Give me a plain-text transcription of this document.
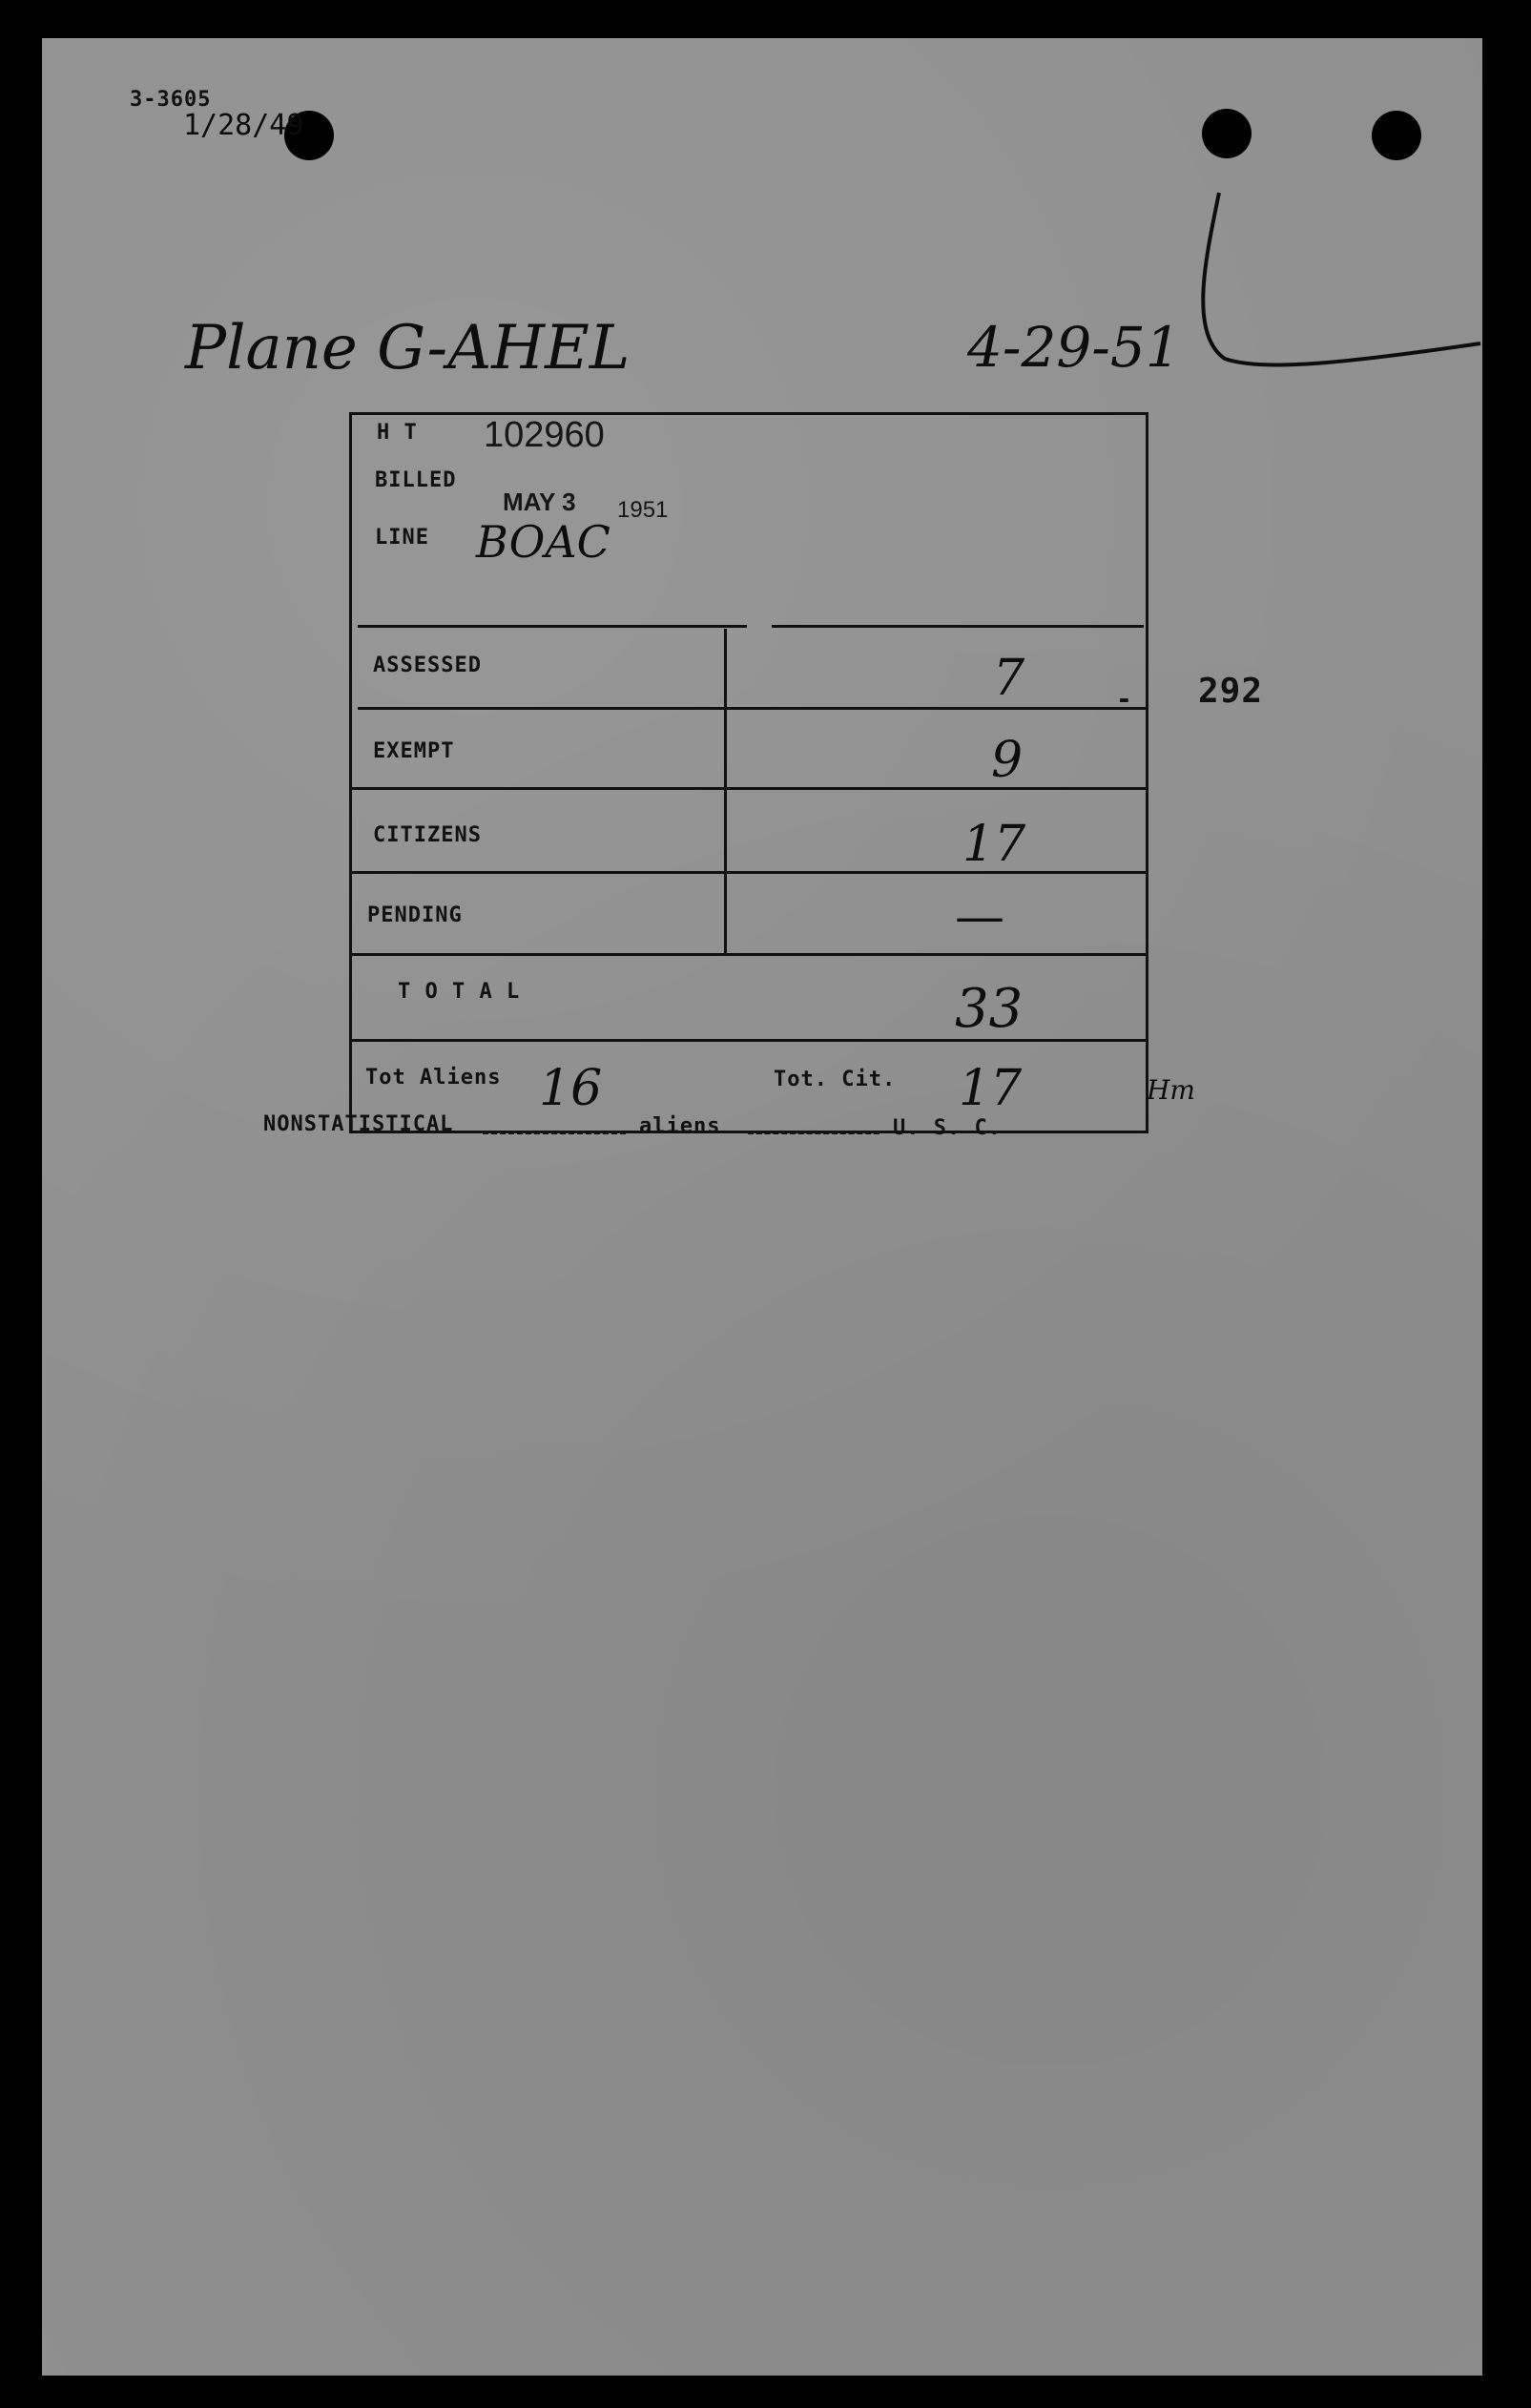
3-3605
1/28/49
Plane G-AHEL	4-29-51
H T 102960
BILLED
MAY 3 1951
LINE BOAC
ASSESSED	7
EXEMPT	9
CITIZENS	17
PENDING	—
T O T A L	33
Tot Aliens 16	Tot. Cit. 17	Hm
- 292
NONSTATISTICAL	aliens	U. S. C.
